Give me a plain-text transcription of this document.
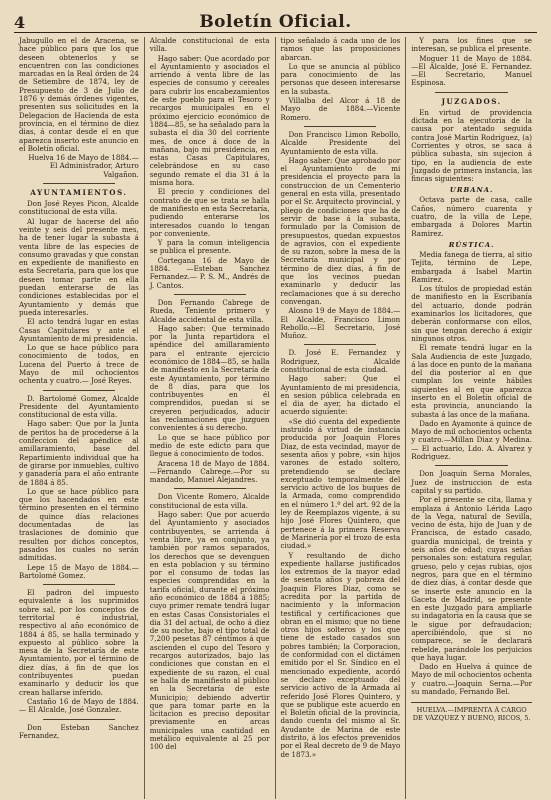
4	Boletín Oficial.

Jabugullo en el de Aracena, se hace público para que los que deseen obtenerlos y se encuentren con las condiciones marcadas en la Real órden de 24 de Setiembre de 1874, ley de Presupuesto de 3 de Julio de 1876 y demás órdenes vigentes, presenten sus solicitudes en la Delegacion de Hacienda de esta provincia, en el término de diez dias, á contar desde el en que aparezca inserto este anuncio en el Boletín oficial.

Huelva 16 de Mayo de 1884.— El Administrador, Arturo Valgañon.

AYUNTAMIENTOS.

Don José Reyes Picon, Alcalde constitucional de esta villa.

Al lugar de hacerse del año veinte y seis del presente mes, ha de tener lugar la subasta á venta libre de las especies de consumo gravadas y que constan en expediente de manifiesto en esta Secretaria, para que los que deseen tomar parte en ella puedan enterarse de las condiciones establecidas por el Ayuntamiento y demás que pueda interesarles.

El acto tendrá lugar en estas Casas Capitulares y ante el Ayuntamiento de mi presidencia.

Lo que se hace público para conocimiento de todos, en Lucena del Puerto á trece de Mayo de mil ochocientos ochenta y cuatro.— José Reyes.

D. Bartolomé Gomez, Alcalde Presidente del Ayuntamiento constitucional de esta villa.

Hago saber: Que por la Junta de peritos ha de procederse á la confeccion del apéndice al amillaramiento, base del Repartimiento individual que ha de girarse por inmuebles, cultivo y ganadería para el año entrante de 1884 á 85.

Lo que se hace público para que los hacendados en este término presenten en el término de quince días relaciones documentadas de las traslaciones de dominio que resulten por dichos conceptos, pasados los cuales no serán admitidas.

Lepe 15 de Mayo de 1884.— Bartolomé Gomez.

El padron del impuesto equivalente á los suprimidos sobre sal, por los conceptos de territorial é industrial, respectivo al año económico de 1884 á 85, se halla terminado y expuesto al público sobre la mesa de la Secretaría de este Ayuntamiento, por el término de diez días, á fin de que los contribuyentes puedan examinarlo y deducir los que crean hallarse inferido.

Castaño 16 de Mayo de 1884.— El Alcalde, José Gonzalez.

Don Esteban Sanchez Fernandez,

Alcalde constitucional de esta villa.

Hago saber: Que acordado por el Ayuntamiento y asociados el arriendo á venta libre de las especies de consumo y cereales para cubrir los encabezamientos de este pueblo para el Tesoro y recargos municipales en el próximo ejercicio económico de 1884—85, se ha señalado para la subasta el dia 30 del corriente mes, de once á doce de la mañana, bajo mi presidencia, en estas Casas Capitulares, celebrándose en su caso segundo remate el dia 31 á la misma hora.

El precio y condiciones del contrato de que se trata se halla de manifiesto en esta Secretaría, pudiendo enterarse los interesados cuando lo tengan por conveniente.

Y para la comun inteligencia se publica el presente.

Cortegana 16 de Mayo de 1884. —Esteban Sanchez Fernandez.— P. S. M., Andrés de J. Cantos.

Don Fernando Cabrege de Rueda, Teniente primero y Alcalde accidental de esta villa.

Hago saber: Que terminado por la Junta repartidora el apéndice del amillaramiento para el entrante ejercicio económico de 1884—85, se halla de manifiesto en la Secretaría de este Ayuntamiento, por término de 8 días, para que los contribuyentes en él comprendidos, puedan si se creyeren perjudicados, aducir las reclamaciones que juzguen convenientes á su derecho.

Lo que se hace público por medio de este edicto para que llegue á conocimiento de todos.

Aracena 18 de Mayo de 1884. —Fernando Cabrege.—Por su mandado, Manuel Alejandres.

Don Vicente Romero, Alcalde constitucional de esta villa.

Hago saber: Que por acuerdo del Ayuntamiento y asociados contribuyentes, se arrienda á venta libre, ya en conjunto, ya también por ramos separados, los derechos que se devenguen en esta poblacion y su término por el consumo de todas las especies comprendidas en la tarifa oficial, durante el próximo año económico de 1884 á 1885; cuyo primer remate tendrá lugar en estas Casas Consistoriales el dia 31 del actual, de ocho á diez de su noche, bajo el tipo total de 7,200 pesetas 87 céntimos á que ascienden el cupo del Tesoro y recargos autorizados, bajo las condiciones que constan en el expediente de su razon, el cual se halla de manifiesto al público en la Secretaría de este Municipio; debiendo advertir que para tomar parte en la licitacion es preciso depositar previamente en arcas municipales una cantidad en metálico equivalente al 25 por 100 del

tipo señalado á cada uno de los ramos que las proposiciones abarcan.

Lo que se anuncia al público para conocimiento de las personas que deseen interesarse en la subasta.

Villalba del Alcor á 18 de Mayo de 1884.—Vicente Romero.

Don Francisco Limon Rebollo, Alcalde Presidente del Ayuntamiento de esta villa.

Hago saber: Que aprobado por el Ayuntamiento de mi presidencia el proyecto para la construccion de un Cementerio general en esta villa, presentado por el Sr. Arquitecto provincial, y pliego de condiciones que ha de servir de base á la subasta, formulado por la Comision de presupuestos, quedan expuestos de agravios, con el expediente de su razon, sobre la mesa de la Secretaría municipal y por término de diez días, á fin de que los vecinos puedan examinarlo y deducir las reclamaciones que á su derecho convengan.

Alosno 19 de Mayo de 1884.— El Alcalde, Francisco Limon Rebollo.—El Secretario, José Muñoz.

D. José E. Fernandez y Rodriguez, Alcalde constitucional de esta ciudad.

Hago saber: Que el Ayuntamiento de mi presidencia, en sesion pública celebrada en el dia de ayer, ha dictado el acuerdo siguiente:

«Se dió cuenta del expediente instruido á virtud de instancia producida por Joaquin Flores Diaz, de esta vecindad, mayor de sesenta años y pobre, «sin hijos varones de estado soltero, pretendiendo se declare exceptuado temporalmente del servicio activo de los buques de la Armada, como comprendido en el número 1.º del art. 92 de la ley de Reemplazos vigente, á su hijo José Flores Quintero, que pertenece á la primera Reserva de Marinería por el trozo de esta ciudad.»

Y resultando de dicho expediente hallarse justificados los extremos de la mayor edad de sesenta años y pobreza del Joaquin Flores Diaz, como se acredita por la partida de nacimiento y la informacion testifical y certificaciones que obran en el mismo; que no tiene otros hijos solteros y los que tiene de estado casados son pobres también; la Corporacion, de conformidad con el dictámen emitido por el Sr. Síndico en el mencionado expediente, acordó se declare exceptuado del servicio activo de la Armada al referido José Flores Quintero, y que se publique este acuerdo en el Boletín oficial de la provincia, dando cuenta del mismo al Sr. Ayudante de Marina de este distrito, á los efectos prevenidos por el Real decreto de 9 de Mayo de 1873.»

Y para los fines que se interesan, se publica el presente.

Moguer 11 de Mayo de 1884. —El Alcalde, José E. Fernandez. —El Secretario, Manuel Espinosa.

JUZGADOS.

En virtud de providencia dictada en la ejecutoria de la causa por atentado seguida contra José Martin Rodriguez, (a) Corrientes y otros, se saca á pública subasta, sin sujecion á tipo, en la audiencia de este Juzgado de primera instancia, las fincas siguientes:

URBANA.

Octava parte de casa, calle Caños, número cuarenta y cuatro, de la villa de Lepe, embargada á Dolores Martin Ramirez.

RÚSTICA.

Media fanega de tierra, al sitio Tejita, término de Lepe, embargada á Isabel Martin Ramirez.

Los títulos de propiedad están de manifiesto en la Escribanía del actuario, donde podrán examinarlos los licitadores, que deberán conformarse con ellos, sin que tengan derecho á exigir ningunos otros.

El remate tendrá lugar en la Sala Audiencia de este Juzgado, á las doce en punto de la mañana del dia posterior al en que cumplan los veinte hábiles siguientes al en que aparezca inserto en el Boletín oficial de esta provincia, anunciando la subasta á las once de la mañana.

Dado en Ayamonte á quince de Mayo de mil ochocientos ochenta y cuatro.—Millan Diaz y Medina.— El actuario, Ldo. A. Alvarez y Rodriguez.

Don Joaquin Serna Morales, Juez de instruccion de esta capital y su partido.

Por el presente se cita, llama y emplaza á Antonio Lérida Lago de la Vega, natural de Sevilla, vecino de ésta, hijo de Juan y de Francisca, de estado casado, guardia municipal, de treinta y seis años de edad; cuyas señas personales son: estatura regular, grueso, pelo y cejas rubias, ojos negros, para que en el término de diez días, á contar desde que se inserte este anuncio en la Gaceta de Madrid, se presente en este Juzgado para ampliarle su indagatoria en la causa que se le sigue por defraudacion; apercibiéndolo, que si no comparece, se le declarará rebelde, parándole los perjuicios que haya lugar.

Dado en Huelva á quince de Mayo de mil ochocientos ochenta y cuatro.—Joaquin Serna.—Por su mandado, Fernando Bel.

HUELVA.—IMPRENTA Á CARGO DE VÁZQUEZ Y BUENO, RICOS, 5.
